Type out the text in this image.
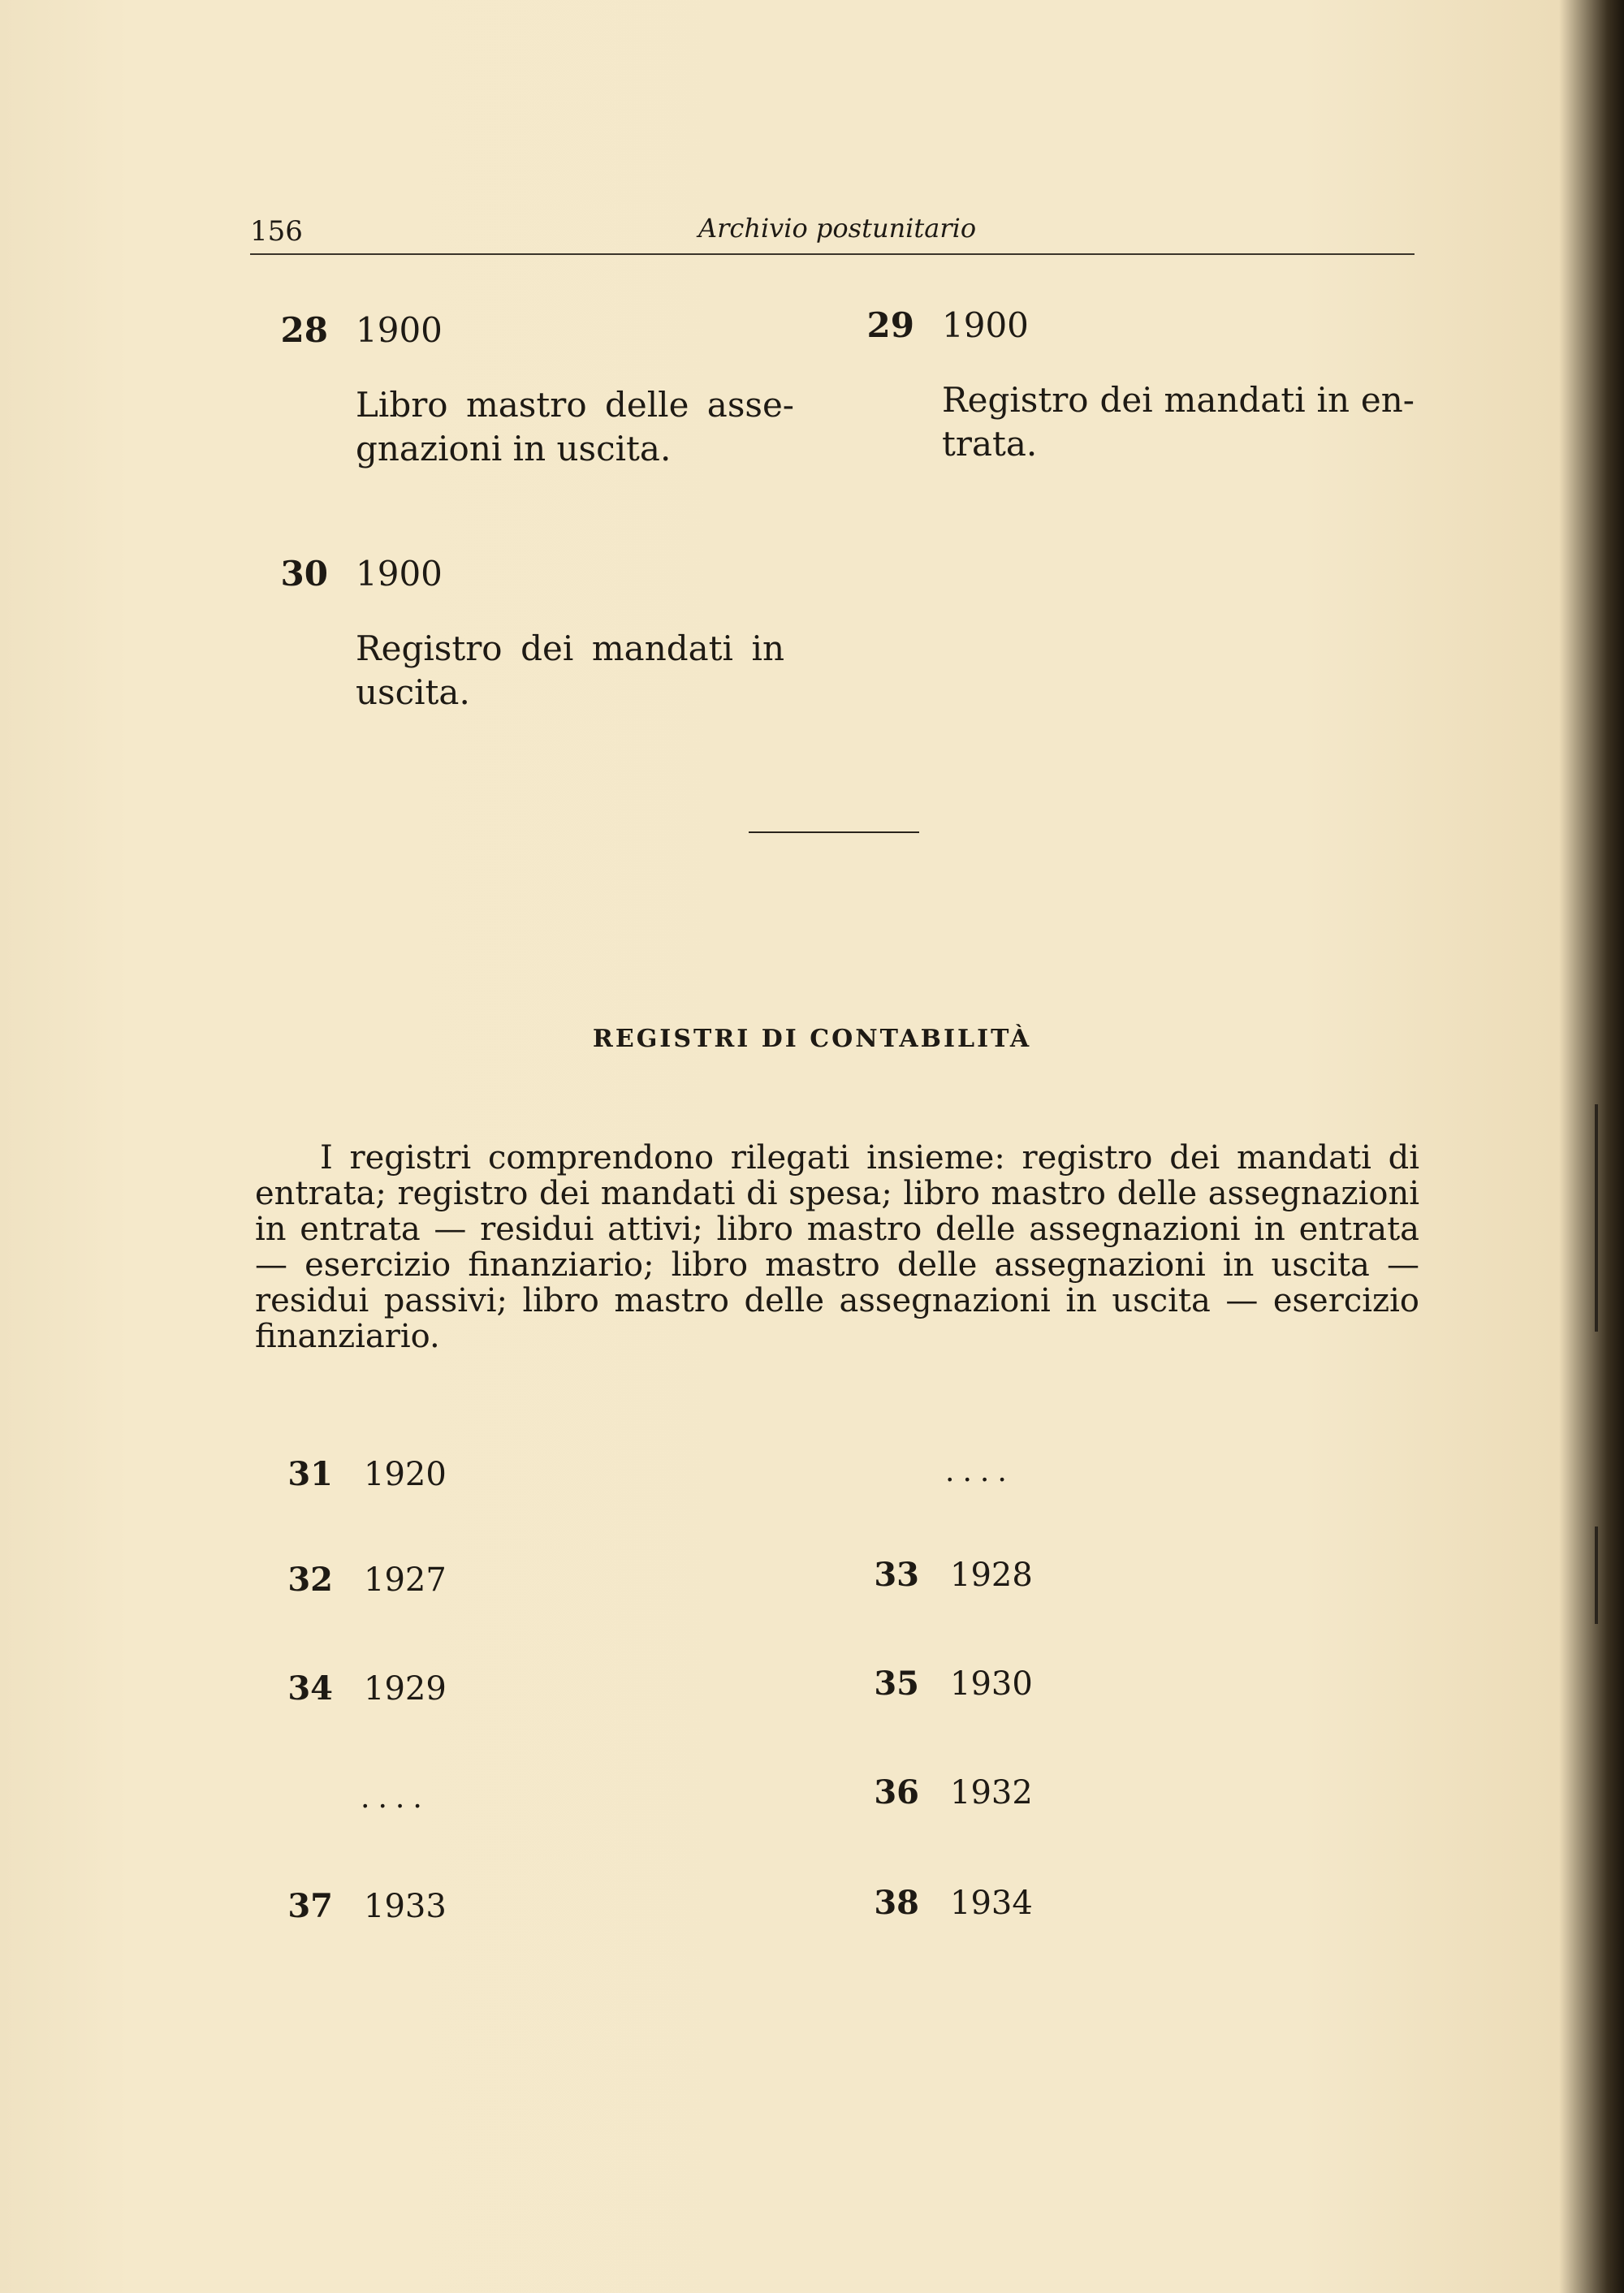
156	Archivio postunitario
28 1900
Libro mastro delle assegnazioni in uscita.
29 1900
Registro dei mandati in entrata.
30 1900
Registro dei mandati in uscita.
REGISTRI DI CONTABILITÀ
I registri comprendono rilegati insieme: registro dei mandati di entrata; registro dei mandati di spesa; libro mastro delle assegnazioni in entrata — residui attivi; libro mastro delle assegnazioni in entrata — esercizio finanziario; libro mastro delle assegnazioni in uscita — residui passivi; libro mastro delle assegnazioni in uscita — esercizio finanziario.
31 1920	....
32 1927	33 1928
34 1929	35 1930
....	36 1932
37 1933	38 1934
